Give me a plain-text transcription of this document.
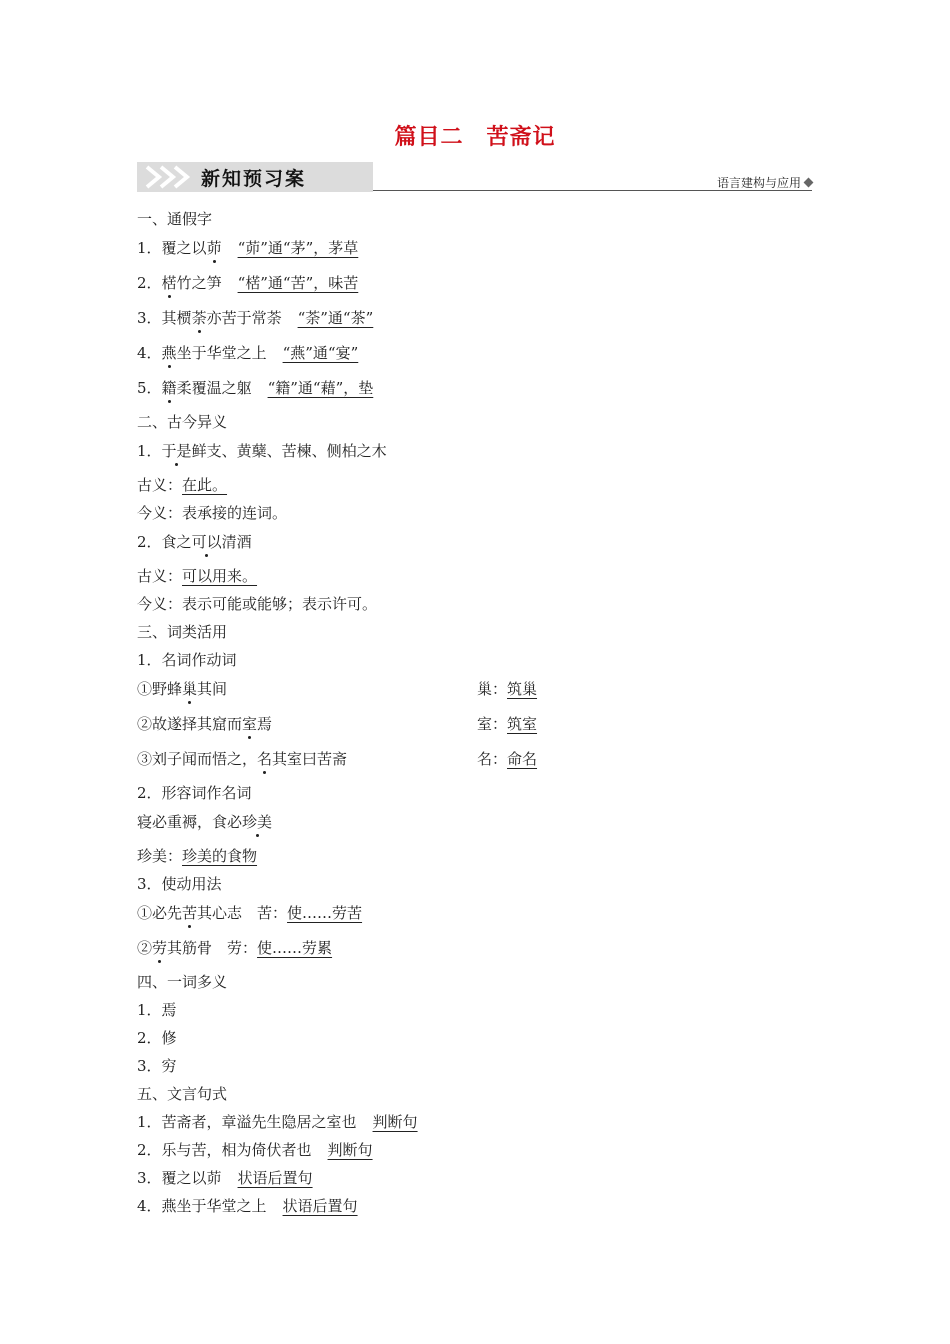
篇目二　苦斋记
新知预习案	语言建构与应用
一、通假字
1．覆之以茆 “茆”通“茅”，茅草
2．楛竹之笋 “楛”通“苦”，味苦
3．其槚荼亦苦于常荼 “荼”通“茶”
4．燕坐于华堂之上 “燕”通“宴”
5．籍柔覆温之躯 “籍”通“藉”，垫
二、古今异义
1．于是鲜支、黄蘖、苦楝、侧柏之木
古义：在此。
今义：表承接的连词。
2．食之可以清酒
古义：可以用来。
今义：表示可能或能够；表示许可。
三、词类活用
1．名词作动词
①野蜂巢其间	巢：筑巢
②故遂择其窟而室焉	室：筑室
③刘子闻而悟之，名其室曰苦斋	名：命名
2．形容词作名词
寝必重褥，食必珍美
珍美：珍美的食物
3．使动用法
①必先苦其心志　苦：使……劳苦
②劳其筋骨　劳：使……劳累
四、一词多义
1．焉
2．修
3．穷
五、文言句式
1．苦斋者，章溢先生隐居之室也 判断句
2．乐与苦，相为倚伏者也 判断句
3．覆之以茆 状语后置句
4．燕坐于华堂之上 状语后置句
